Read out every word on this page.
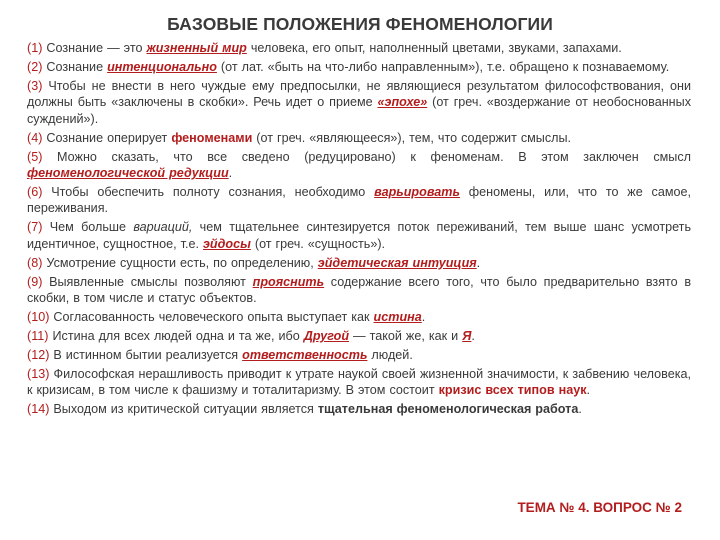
БАЗОВЫЕ ПОЛОЖЕНИЯ ФЕНОМЕНОЛОГИИ

(1) Сознание — это жизненный мир человека, его опыт, наполненный цветами, звуками, запахами.

(2) Сознание интенционально (от лат. «быть на что-либо направленным»), т.е. обращено к познаваемому.

(3) Чтобы не внести в него чуждые ему предпосылки, не являющиеся результатом философствования, они должны быть «заключены в скобки». Речь идет о приеме «эпохе» (от греч. «воздержание от необоснованных суждений»).

(4) Сознание оперирует феноменами (от греч. «являющееся»), тем, что содержит смыслы.

(5) Можно сказать, что все сведено (редуцировано) к феноменам. В этом заключен смысл феноменологической редукции.

(6) Чтобы обеспечить полноту сознания, необходимо варьировать феномены, или, что то же самое, переживания.

(7) Чем больше вариаций, чем тщательнее синтезируется поток переживаний, тем выше шанс усмотреть идентичное, сущностное, т.е. эйдосы (от греч. «сущность»).

(8) Усмотрение сущности есть, по определению, эйдетическая интуиция.

(9) Выявленные смыслы позволяют прояснить содержание всего того, что было предварительно взято в скобки, в том числе и статус объектов.

(10) Согласованность человеческого опыта выступает как истина.

(11) Истина для всех людей одна и та же, ибо Другой — такой же, как и Я.

(12) В истинном бытии реализуется ответственность людей.

(13) Философская нерашливость приводит к утрате наукой своей жизненной значимости, к забвению человека, к кризисам, в том числе к фашизму и тоталитаризму. В этом состоит кризис всех типов наук.

(14) Выходом из критической ситуации является тщательная феноменологическая работа.

ТЕМА № 4. ВОПРОС № 2
